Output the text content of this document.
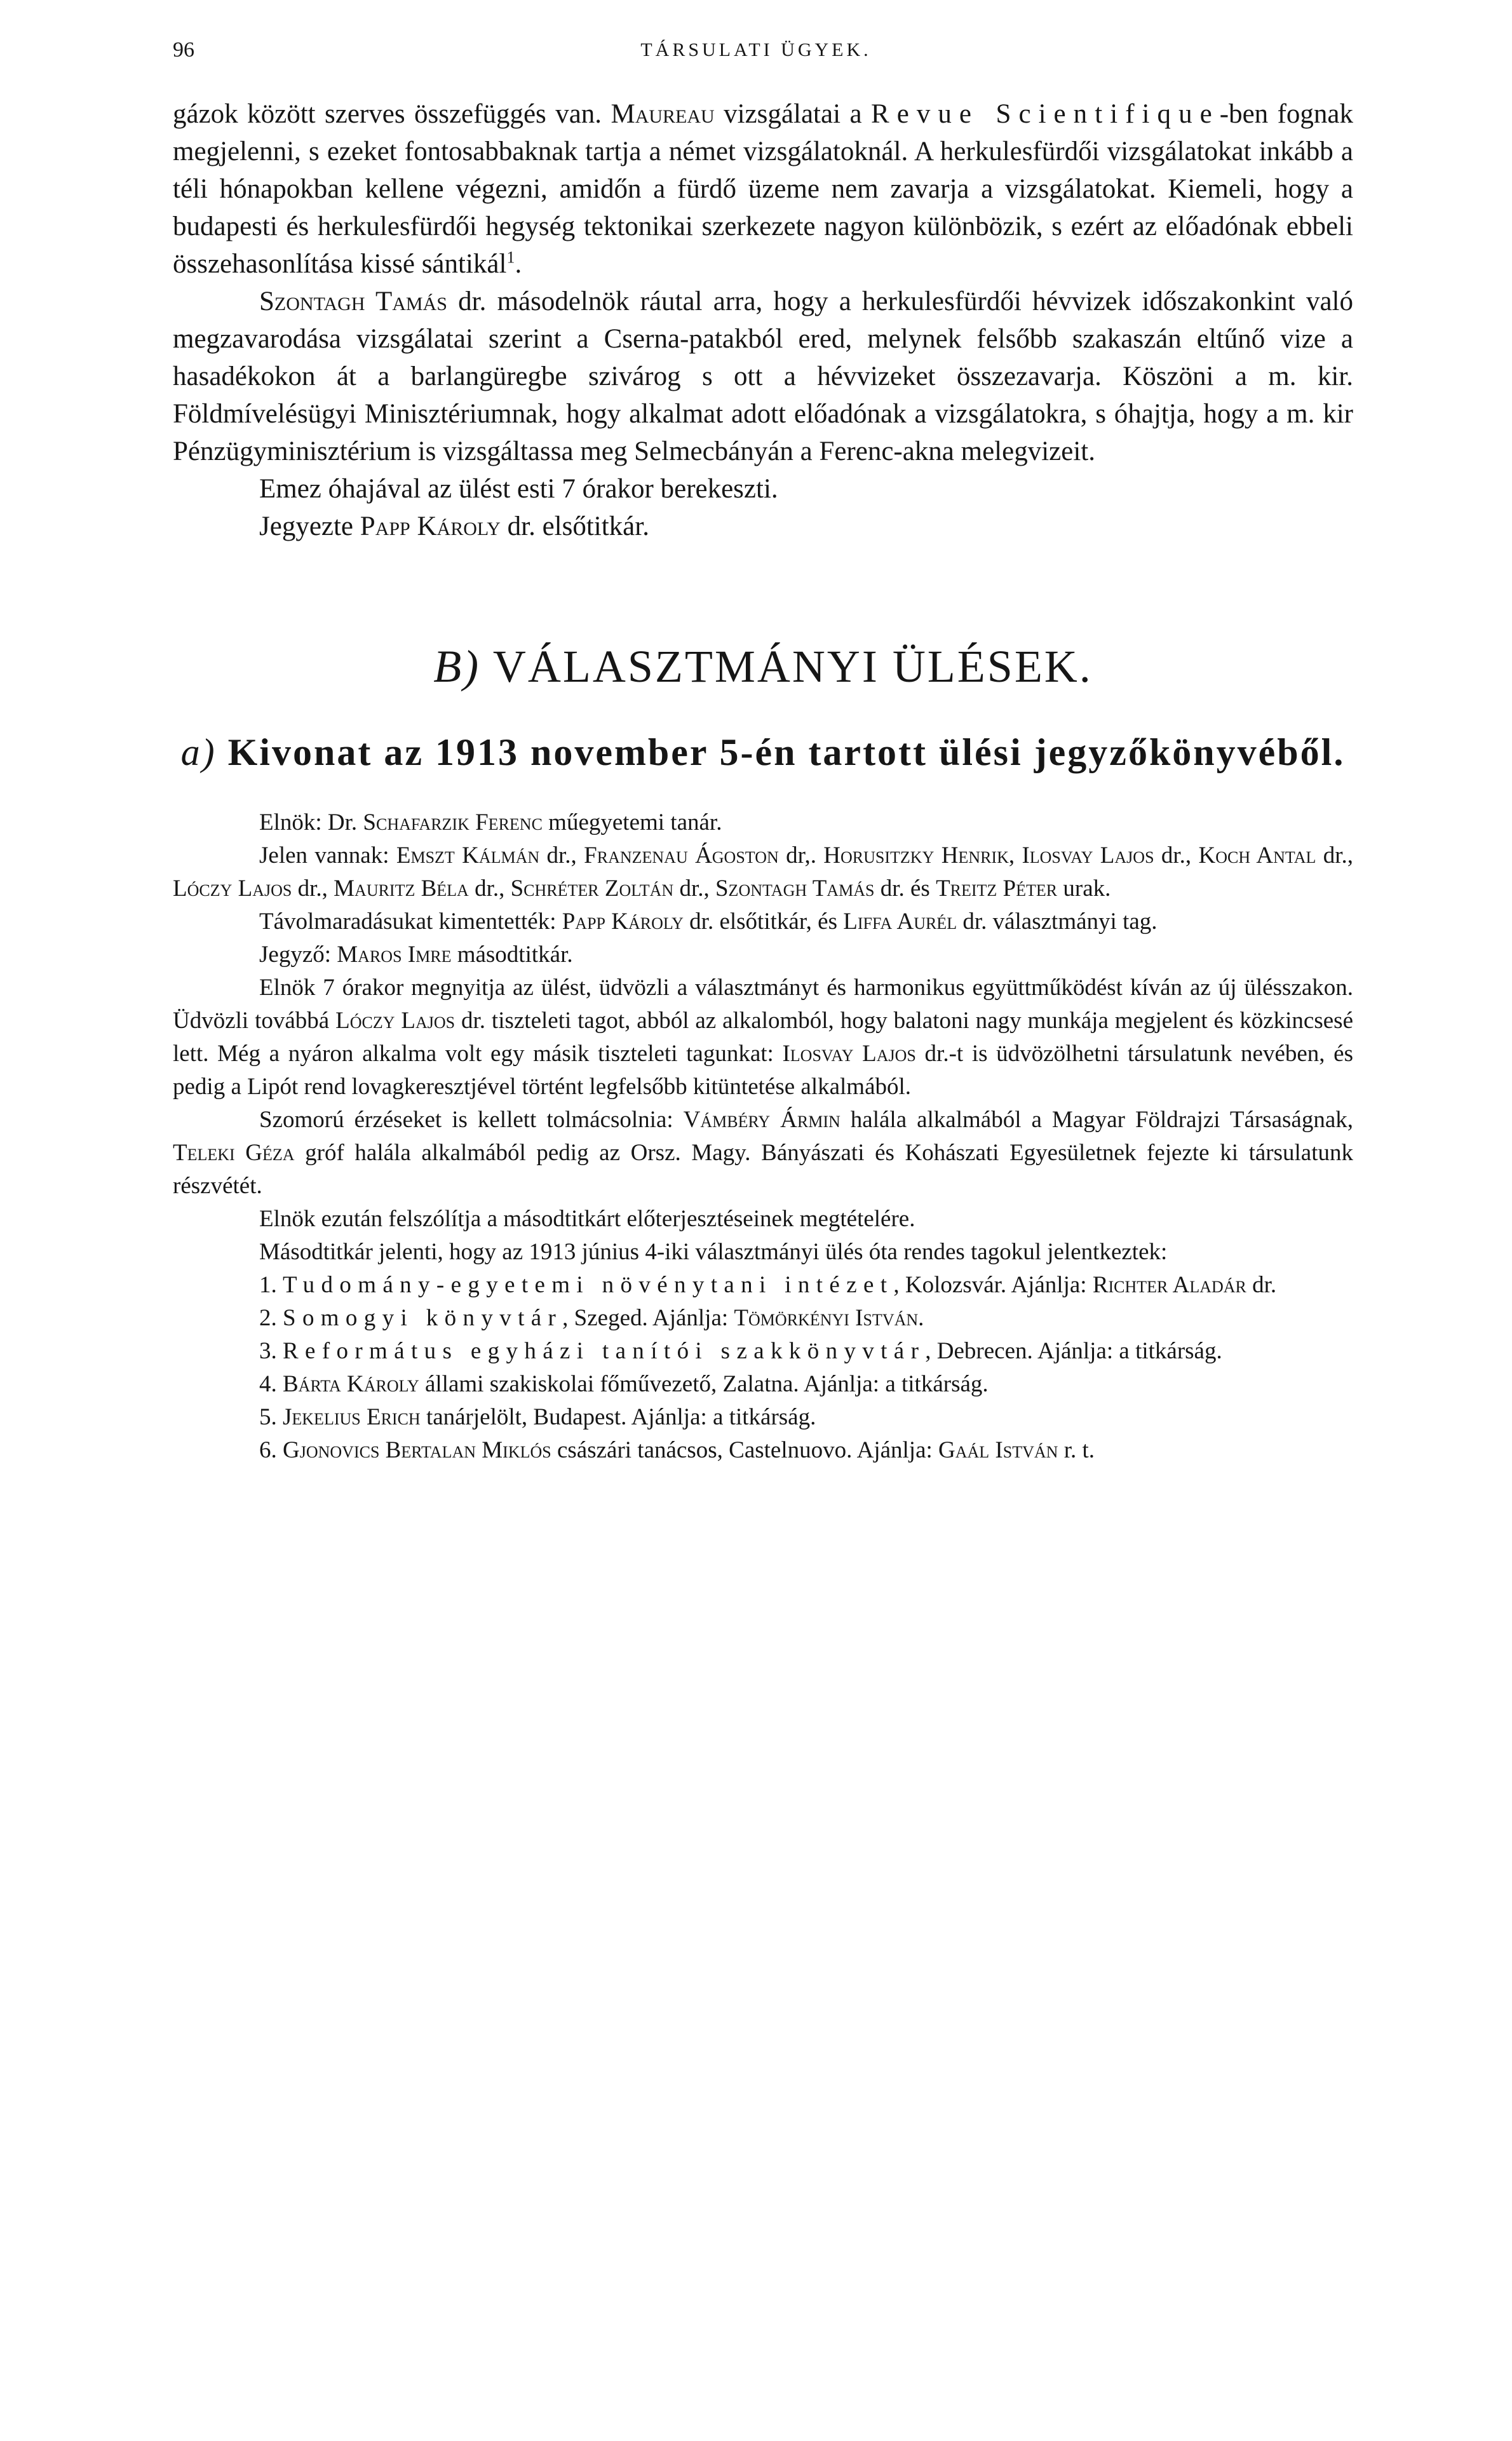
96	TÁRSULATI ÜGYEK.

gázok között szerves összefüggés van. Maureau vizsgálatai a Revue Scientifique-ben fognak megjelenni, s ezeket fontosabbaknak tartja a német vizsgálatoknál. A herkulesfürdői vizsgálatokat inkább a téli hónapokban kellene végezni, amidőn a fürdő üzeme nem zavarja a vizsgálatokat. Kiemeli, hogy a budapesti és herkulesfürdői hegység tektonikai szerkezete nagyon különbözik, s ezért az előadónak ebbeli összehasonlítása kissé sántikál$^1$.

Szontagh Tamás dr. másodelnök ráutal arra, hogy a herkulesfürdői hévvizek időszakonkint való megzavarodása vizsgálatai szerint a Cserna-patakból ered, melynek felsőbb szakaszán eltűnő vize a hasadékokon át a barlangüregbe szivárog s ott a hévvizeket összezavarja. Köszöni a m. kir. Földmívelésügyi Minisztériumnak, hogy alkalmat adott előadónak a vizsgálatokra, s óhajtja, hogy a m. kir Pénzügyminisztérium is vizsgáltassa meg Selmecbányán a Ferenc-akna melegvizeit.

Emez óhajával az ülést esti 7 órakor berekeszti.

Jegyezte Papp Károly dr. elsőtitkár.

B) VÁLASZTMÁNYI ÜLÉSEK.
a) Kivonat az 1913 november 5-én tartott ülési jegyzőkönyvéből.

Elnök: Dr. Schafarzik Ferenc műegyetemi tanár.

Jelen vannak: Emszt Kálmán dr., Franzenau Ágoston dr,. Horusitzky Henrik, Ilosvay Lajos dr., Koch Antal dr., Lóczy Lajos dr., Mauritz Béla dr., Schréter Zoltán dr., Szontagh Tamás dr. és Treitz Péter urak.

Távolmaradásukat kimentették: Papp Károly dr. elsőtitkár, és Liffa Aurél dr. választmányi tag.

Jegyző: Maros Imre másodtitkár.

Elnök 7 órakor megnyitja az ülést, üdvözli a választmányt és harmonikus együttműködést kíván az új ülésszakon. Üdvözli továbbá Lóczy Lajos dr. tiszteleti tagot, abból az alkalomból, hogy balatoni nagy munkája megjelent és közkincsesé lett. Még a nyáron alkalma volt egy másik tiszteleti tagunkat: Ilosvay Lajos dr.-t is üdvözölhetni társulatunk nevében, és pedig a Lipót rend lovagkeresztjével történt legfelsőbb kitüntetése alkalmából.

Szomorú érzéseket is kellett tolmácsolnia: Vámbéry Ármin halála alkalmából a Magyar Földrajzi Társaságnak, Teleki Géza gróf halála alkalmából pedig az Orsz. Magy. Bányászati és Kohászati Egyesületnek fejezte ki társulatunk részvétét.

Elnök ezután felszólítja a másodtitkárt előterjesztéseinek megtételére.

Másodtitkár jelenti, hogy az 1913 június 4-iki választmányi ülés óta rendes tagokul jelentkeztek:

1. Tudomány-egyetemi növénytani intézet, Kolozsvár. Ajánlja: Richter Aladár dr.

2. Somogyi könyvtár, Szeged. Ajánlja: Tömörkényi István.

3. Református egyházi tanítói szakkönyvtár, Debrecen. Ajánlja: a titkárság.

4. Bárta Károly állami szakiskolai főművezető, Zalatna. Ajánlja: a titkárság.

5. Jekelius Erich tanárjelölt, Budapest. Ajánlja: a titkárság.

6. Gjonovics Bertalan Miklós császári tanácsos, Castelnuovo. Ajánlja: Gaál István r. t.
